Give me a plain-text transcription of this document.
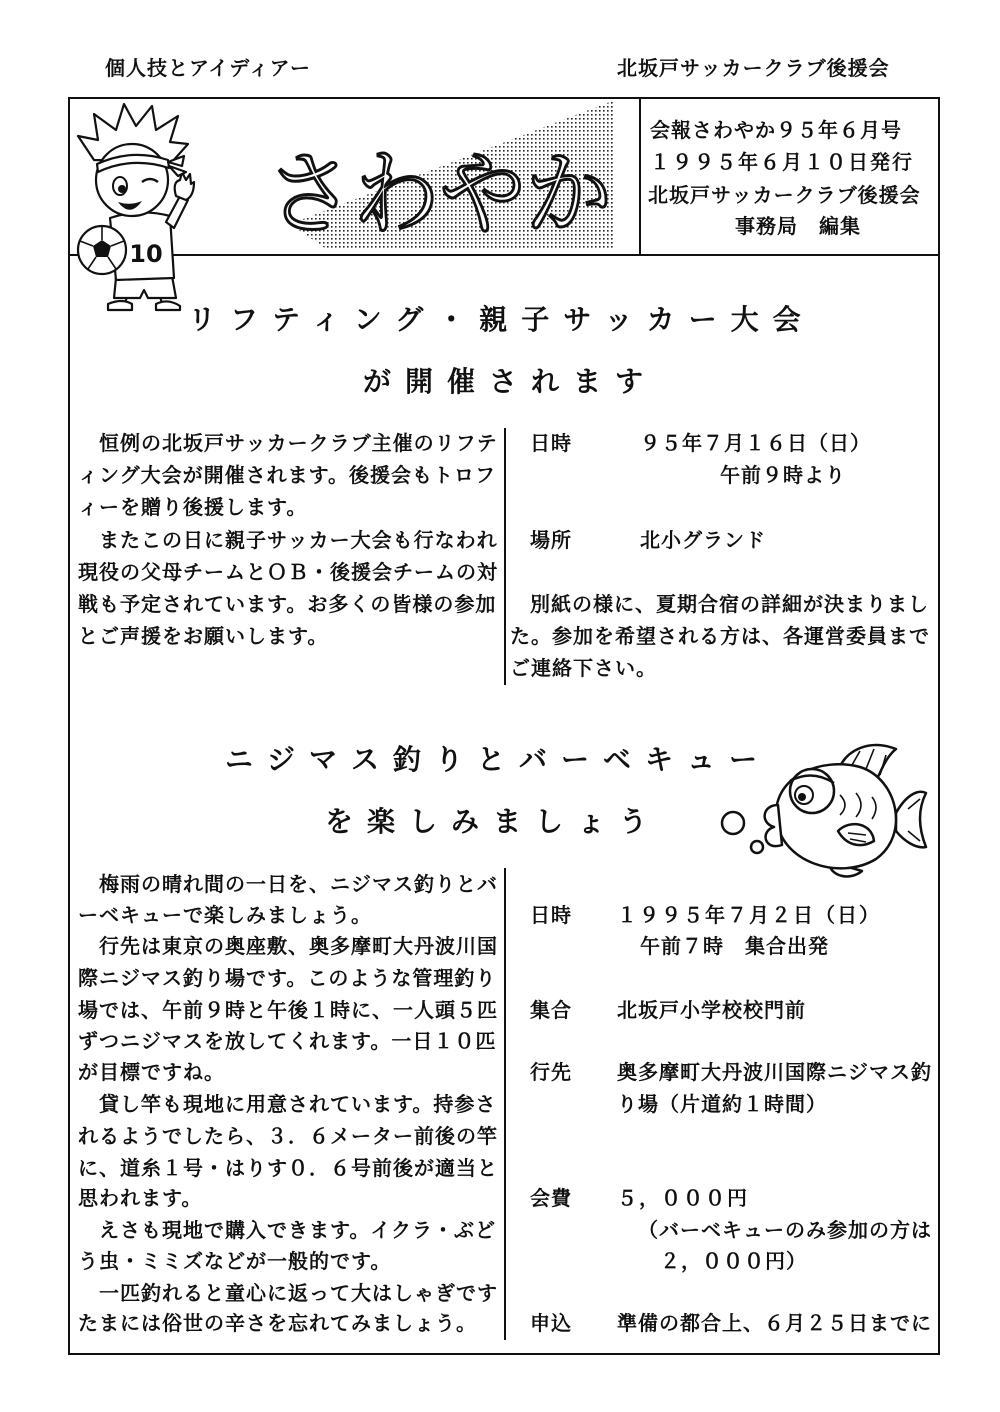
個人技とアイディアー	北坂戸サッカークラブ後援会
さわやか
10
会報さわやか９５年６月号
１９９５年６月１０日発行
北坂戸サッカークラブ後援会
事務局　編集
リフティング・親子サッカー大会
が開催されます
恒例の北坂戸サッカークラブ主催のリフテ
ィング大会が開催されます。後援会もトロフ
ィーを贈り後援します。
またこの日に親子サッカー大会も行なわれ
現役の父母チームとＯＢ・後援会チームの対
戦も予定されています。お多くの皆様の参加
とご声援をお願いします。
日時	９５年７月１６日（日）
午前９時より
場所	北小グランド
別紙の様に、夏期合宿の詳細が決まりまし
た。参加を希望される方は、各運営委員まで
ご連絡下さい。
ニジマス釣りとバーベキュー
を楽しみましょう
梅雨の晴れ間の一日を、ニジマス釣りとバ
ーベキューで楽しみましょう。
行先は東京の奥座敷、奥多摩町大丹波川国
際ニジマス釣り場です。このような管理釣り
場では、午前９時と午後１時に、一人頭５匹
ずつニジマスを放してくれます。一日１０匹
が目標ですね。
貸し竿も現地に用意されています。持参さ
れるようでしたら、３．６メーター前後の竿
に、道糸１号・はりす０．６号前後が適当と
思われます。
えさも現地で購入できます。イクラ・ぶど
う虫・ミミズなどが一般的です。
一匹釣れると童心に返って大はしゃぎです
たまには俗世の辛さを忘れてみましょう。
日時 １９９５年７月２日（日）
午前７時　集合出発
集合 北坂戸小学校校門前
行先 奥多摩町大丹波川国際ニジマス釣
り場（片道約１時間）
会費 ５，０００円
（バーベキューのみ参加の方は
２，０００円）
申込 準備の都合上、６月２５日までに
